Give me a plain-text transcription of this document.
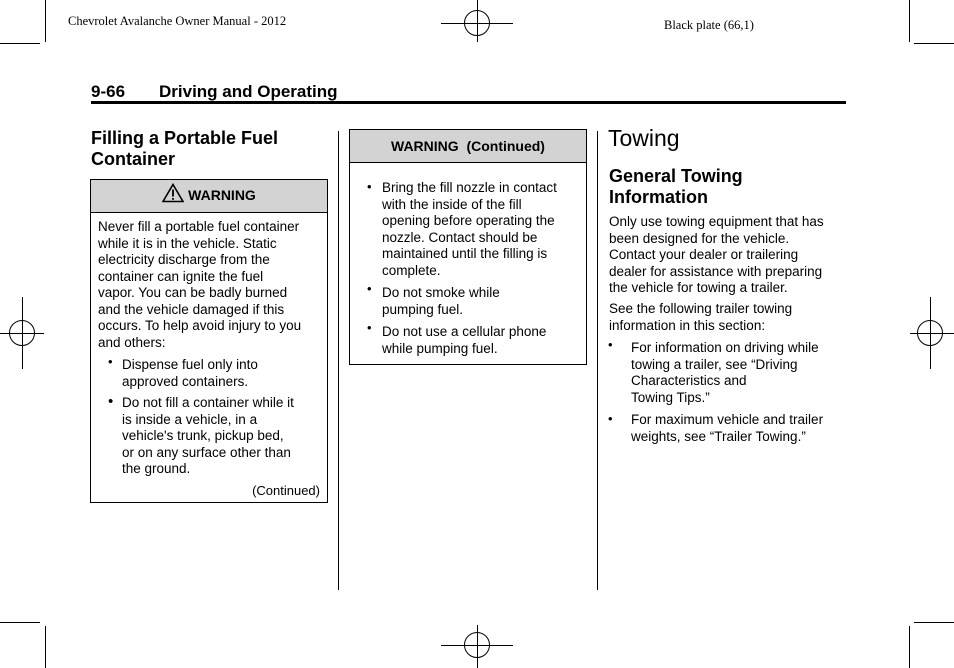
Chevrolet Avalanche Owner Manual - 2012	Black plate (66,1)
9-66 Driving and Operating
Filling a Portable Fuel
Container
WARNING
Never fill a portable fuel container
while it is in the vehicle. Static
electricity discharge from the
container can ignite the fuel
vapor. You can be badly burned
and the vehicle damaged if this
occurs. To help avoid injury to you
and others:
• Dispense fuel only into
approved containers.
• Do not fill a container while it
is inside a vehicle, in a
vehicle's trunk, pickup bed,
or on any surface other than
the ground.
(Continued)
WARNING  (Continued)
• Bring the fill nozzle in contact
with the inside of the fill
opening before operating the
nozzle. Contact should be
maintained until the filling is
complete.
• Do not smoke while
pumping fuel.
• Do not use a cellular phone
while pumping fuel.
Towing
General Towing
Information
Only use towing equipment that has
been designed for the vehicle.
Contact your dealer or trailering
dealer for assistance with preparing
the vehicle for towing a trailer.
See the following trailer towing
information in this section:
• For information on driving while
towing a trailer, see “Driving
Characteristics and
Towing Tips.”
• For maximum vehicle and trailer
weights, see “Trailer Towing.”
